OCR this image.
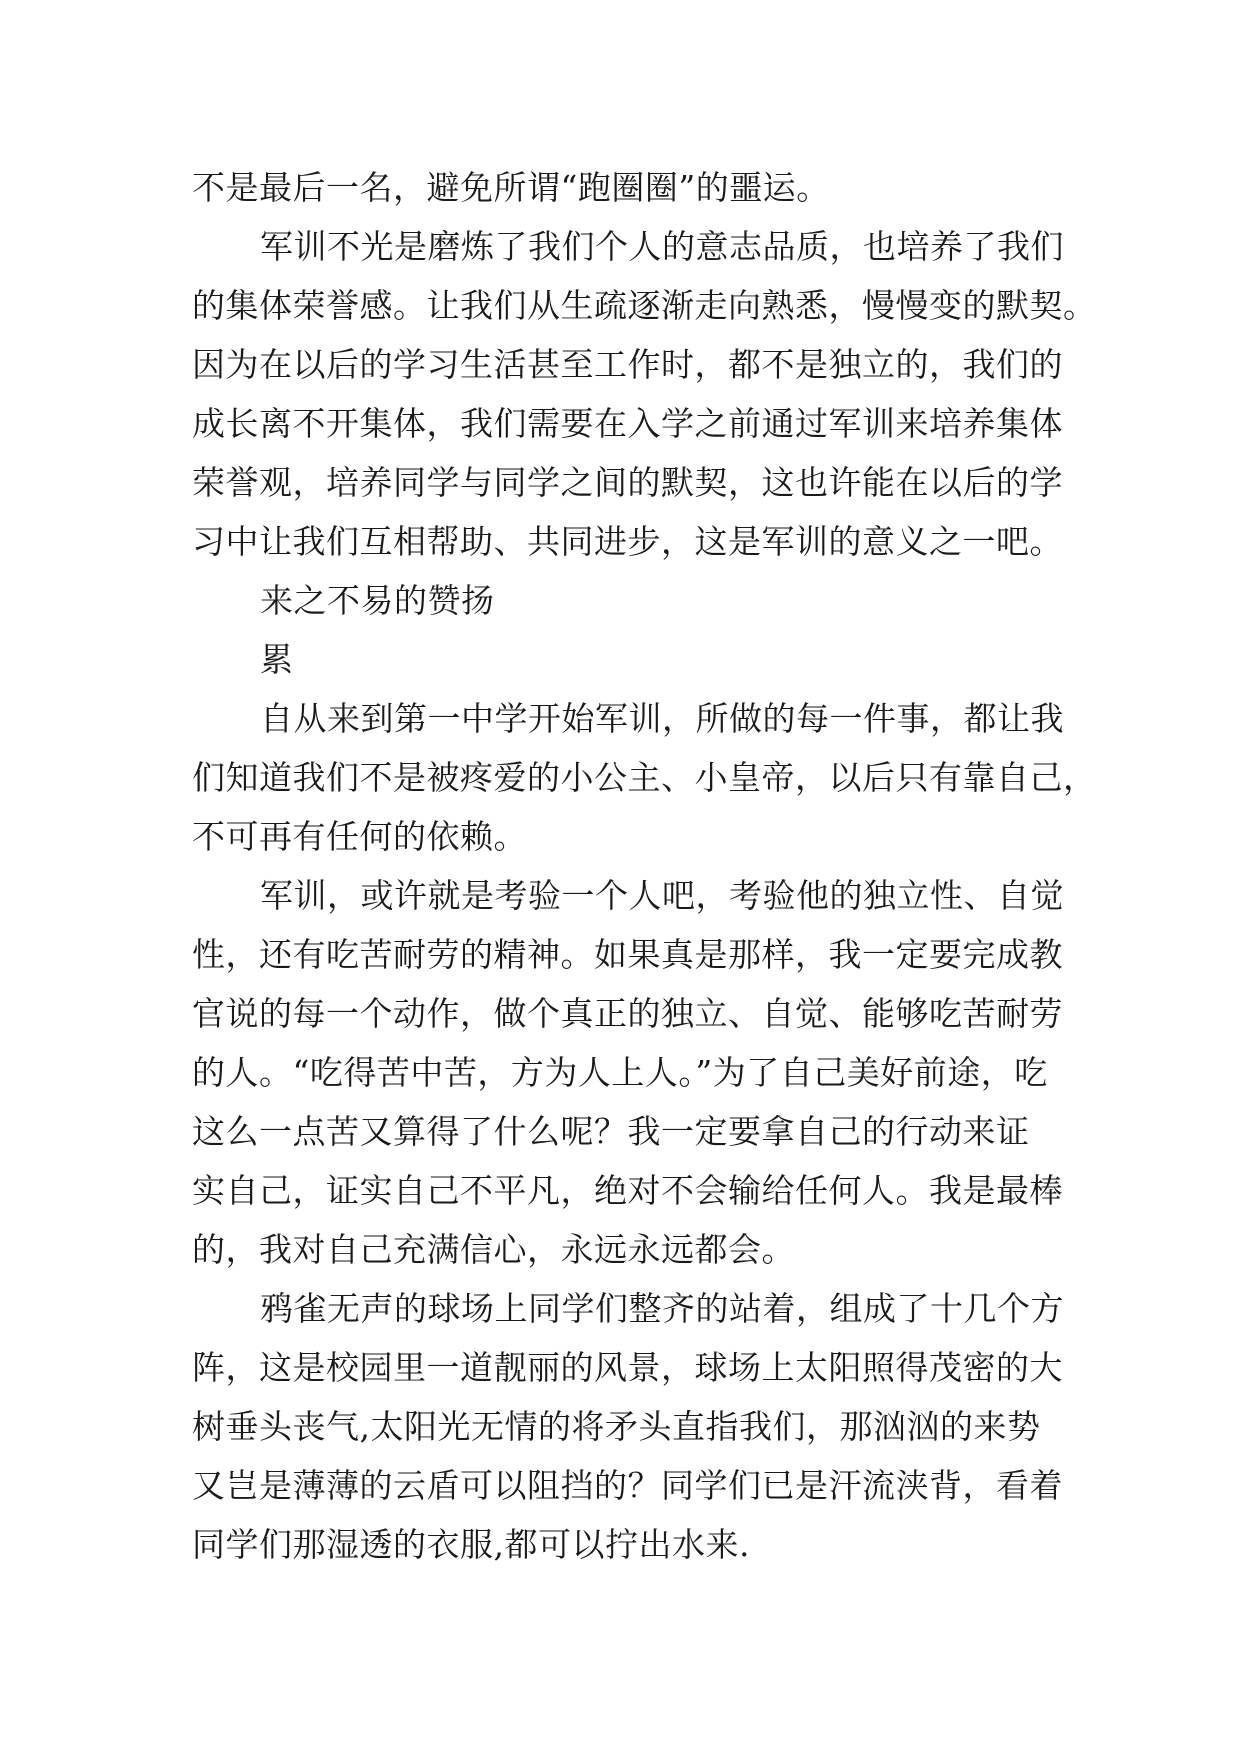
不是最后一名，避免所谓“跑圈圈”的噩运。
军训不光是磨炼了我们个人的意志品质，也培养了我们
的集体荣誉感。让我们从生疏逐渐走向熟悉，慢慢变的默契。
因为在以后的学习生活甚至工作时，都不是独立的，我们的
成长离不开集体，我们需要在入学之前通过军训来培养集体
荣誉观，培养同学与同学之间的默契，这也许能在以后的学
习中让我们互相帮助、共同进步，这是军训的意义之一吧。
来之不易的赞扬
累
自从来到第一中学开始军训，所做的每一件事，都让我
们知道我们不是被疼爱的小公主、小皇帝，以后只有靠自己，
不可再有任何的依赖。
军训，或许就是考验一个人吧，考验他的独立性、自觉
性，还有吃苦耐劳的精神。如果真是那样，我一定要完成教
官说的每一个动作，做个真正的独立、自觉、能够吃苦耐劳
的人。“吃得苦中苦，方为人上人。”为了自己美好前途，吃
这么一点苦又算得了什么呢？我一定要拿自己的行动来证
实自己，证实自己不平凡，绝对不会输给任何人。我是最棒
的，我对自己充满信心，永远永远都会。
鸦雀无声的球场上同学们整齐的站着，组成了十几个方
阵，这是校园里一道靓丽的风景，球场上太阳照得茂密的大
树垂头丧气,太阳光无情的将矛头直指我们，那汹汹的来势
又岂是薄薄的云盾可以阻挡的？同学们已是汗流浃背，看着
同学们那湿透的衣服,都可以拧出水来.
